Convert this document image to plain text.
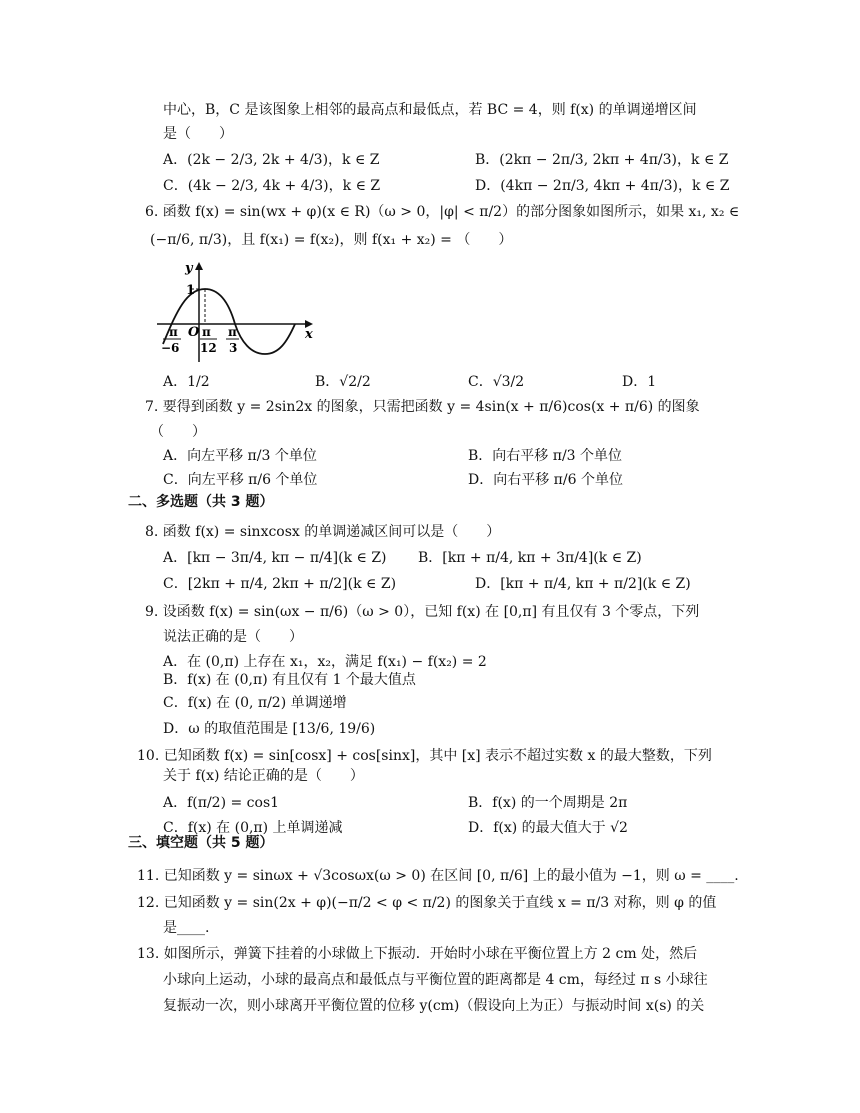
中心，B，C 是该图象上相邻的最高点和最低点，若 BC = 4，则 f(x) 的单调递增区间
是（　　）
A．(2k − 2/3, 2k + 4/3)，k ∈ Z	B．(2kπ − 2π/3, 2kπ + 4π/3)，k ∈ Z
C．(4k − 2/3, 4k + 4/3)，k ∈ Z	D．(4kπ − 2π/3, 4kπ + 4π/3)，k ∈ Z
6. 函数 f(x) = sin(wx + φ)(x ∈ R)（ω > 0，|φ| < π/2）的部分图象如图所示，如果 x₁, x₂ ∈
(−π/6, π/3)，且 f(x₁) = f(x₂)，则 f(x₁ + x₂) = （　　）
y
x
1
O
π
−6
π
12
π
3
A．1/2	B．√2/2	C．√3/2	D．1
7. 要得到函数 y = 2sin2x 的图象，只需把函数 y = 4sin(x + π/6)cos(x + π/6) 的图象
（　　）
A．向左平移 π/3 个单位	B．向右平移 π/3 个单位
C．向左平移 π/6 个单位	D．向右平移 π/6 个单位
二、多选题（共 3 题）
8. 函数 f(x) = sinxcosx 的单调递减区间可以是（　　）
A．[kπ − 3π/4, kπ − π/4](k ∈ Z) B．[kπ + π/4, kπ + 3π/4](k ∈ Z)
C．[2kπ + π/4, 2kπ + π/2](k ∈ Z)	D．[kπ + π/4, kπ + π/2](k ∈ Z)
9. 设函数 f(x) = sin(ωx − π/6)（ω > 0），已知 f(x) 在 [0,π] 有且仅有 3 个零点，下列
说法正确的是（　　）
A．在 (0,π) 上存在 x₁，x₂，满足 f(x₁) − f(x₂) = 2
B．f(x) 在 (0,π) 有且仅有 1 个最大值点
C．f(x) 在 (0, π/2) 单调递增
D．ω 的取值范围是 [13/6, 19/6)
10. 已知函数 f(x) = sin[cosx] + cos[sinx]，其中 [x] 表示不超过实数 x 的最大整数，下列
关于 f(x) 结论正确的是（　　）
A．f(π/2) = cos1	B．f(x) 的一个周期是 2π
C．f(x) 在 (0,π) 上单调递减	D．f(x) 的最大值大于 √2
三、填空题（共 5 题）
11. 已知函数 y = sinωx + √3cosωx(ω > 0) 在区间 [0, π/6] 上的最小值为 −1，则 ω = ____.
12. 已知函数 y = sin(2x + φ)(−π/2 < φ < π/2) 的图象关于直线 x = π/3 对称，则 φ 的值
是____.
13. 如图所示，弹簧下挂着的小球做上下振动．开始时小球在平衡位置上方 2 cm 处，然后
小球向上运动，小球的最高点和最低点与平衡位置的距离都是 4 cm，每经过 π s 小球往
复振动一次，则小球离开平衡位置的位移 y(cm)（假设向上为正）与振动时间 x(s) 的关
